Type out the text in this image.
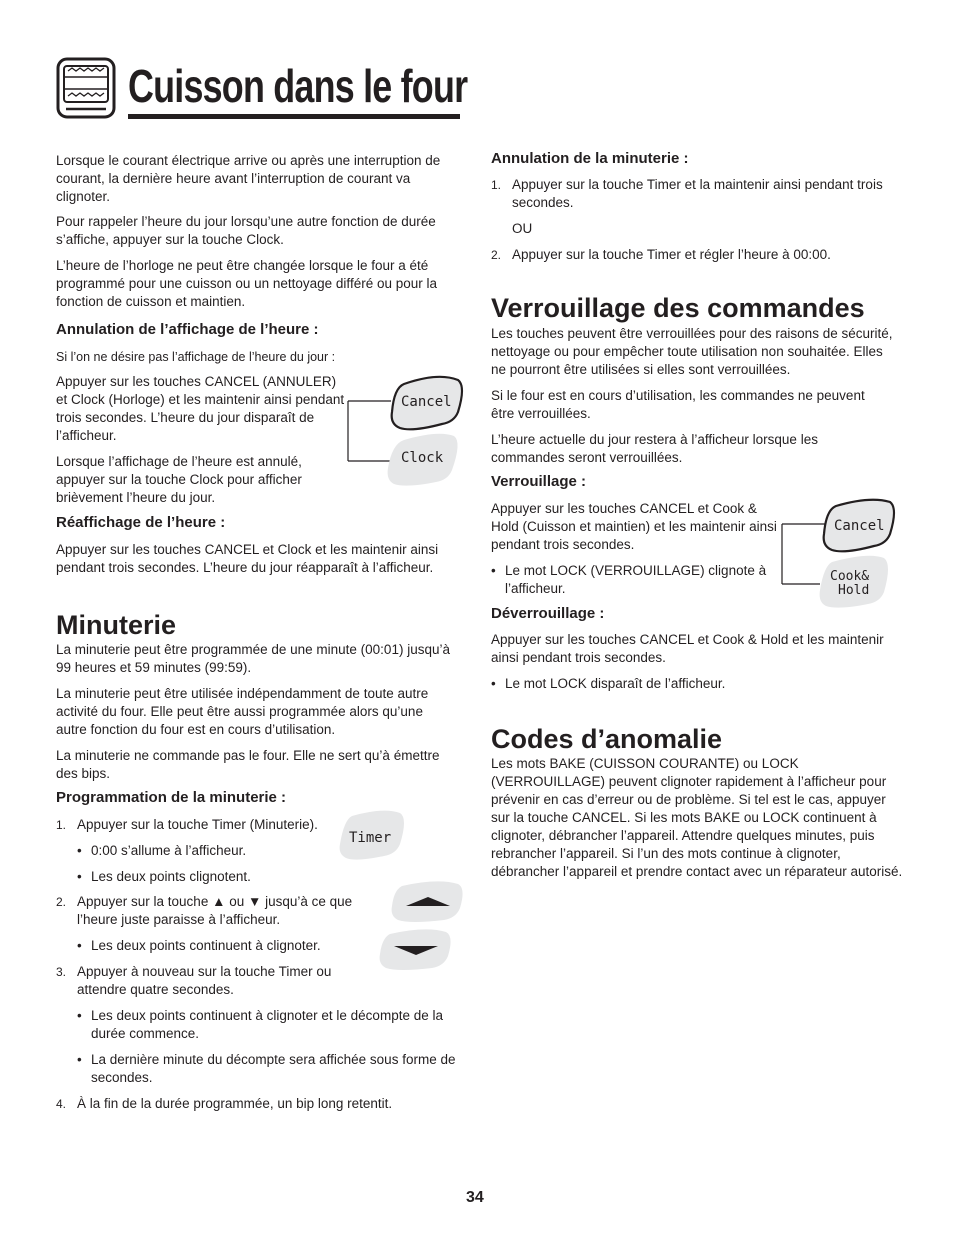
Cuisson dans le four

Lorsque le courant électrique arrive ou après une interruption de courant, la dernière heure avant l’interruption de courant va clignoter.

Pour rappeler l’heure du jour lorsqu’une autre fonction de durée s’affiche, appuyer sur la touche Clock.

L’heure de l’horloge ne peut être changée lorsque le four a été programmé pour une cuisson ou un nettoyage différé ou pour la fonction de cuisson et maintien.

Annulation de l’affichage de l’heure :

Si l’on ne désire pas l’affichage de l’heure du jour :

Appuyer sur les touches CANCEL (ANNULER) et Clock (Horloge) et les maintenir ainsi pendant trois secondes. L’heure du jour disparaît de l’afficheur.

Lorsque l’affichage de l’heure est annulé, appuyer sur la touche Clock pour afficher brièvement l’heure du jour.

Cancel
Clock

Réaffichage de l’heure :

Appuyer sur les touches CANCEL et Clock et les maintenir ainsi pendant trois secondes. L’heure du jour réapparaît à l’afficheur.

Minuterie

La minuterie peut être programmée de une minute (00:01) jusqu’à 99 heures et 59 minutes (99:59).

La minuterie peut être utilisée indépendamment de toute autre activité du four. Elle peut être aussi programmée alors qu’une autre fonction du four est en cours d’utilisation.

La minuterie ne commande pas le four. Elle ne sert qu’à émettre des bips.

Programmation de la minuterie :

1. Appuyer sur la touche Timer (Minuterie).

• 0:00 s’allume à l’afficheur.

• Les deux points clignotent.

2. Appuyer sur la touche ▲ ou ▼ jusqu’à ce que l’heure juste paraisse à l’afficheur.

• Les deux points continuent à clignoter.

3. Appuyer à nouveau sur la touche Timer ou attendre quatre secondes.

• Les deux points continuent à clignoter et le décompte de la durée commence.

• La dernière minute du décompte sera affichée sous forme de secondes.

4. À la fin de la durée programmée, un bip long retentit.

Timer

Annulation de la minuterie :

1. Appuyer sur la touche Timer et la maintenir ainsi pendant trois secondes.

OU

2. Appuyer sur la touche Timer et régler l’heure à 00:00.

Verrouillage des commandes

Les touches peuvent être verrouillées pour des raisons de sécurité, nettoyage ou pour empêcher toute utilisation non souhaitée. Elles ne pourront être utilisées si elles sont verrouillées.

Si le four est en cours d’utilisation, les commandes ne peuvent être verrouillées.

L’heure actuelle du jour restera à l’afficheur lorsque les commandes seront verrouillées.

Verrouillage :

Appuyer sur les touches CANCEL et Cook & Hold (Cuisson et maintien) et les maintenir ainsi pendant trois secondes.

• Le mot LOCK (VERROUILLAGE) clignote à l’afficheur.

Cancel
Cook&
Hold

Déverrouillage :

Appuyer sur les touches CANCEL et Cook & Hold et les maintenir ainsi pendant trois secondes.

• Le mot LOCK disparaît de l’afficheur.

Codes d’anomalie

Les mots BAKE (CUISSON COURANTE) ou LOCK (VERROUILLAGE) peuvent clignoter rapidement à l’afficheur pour prévenir en cas d’erreur ou de problème. Si tel est le cas, appuyer sur la touche CANCEL. Si les mots BAKE ou LOCK continuent à clignoter, débrancher l’appareil. Attendre quelques minutes, puis rebrancher l’appareil. Si l’un des mots continue à clignoter, débrancher l’appareil et prendre contact avec un réparateur autorisé.

34
